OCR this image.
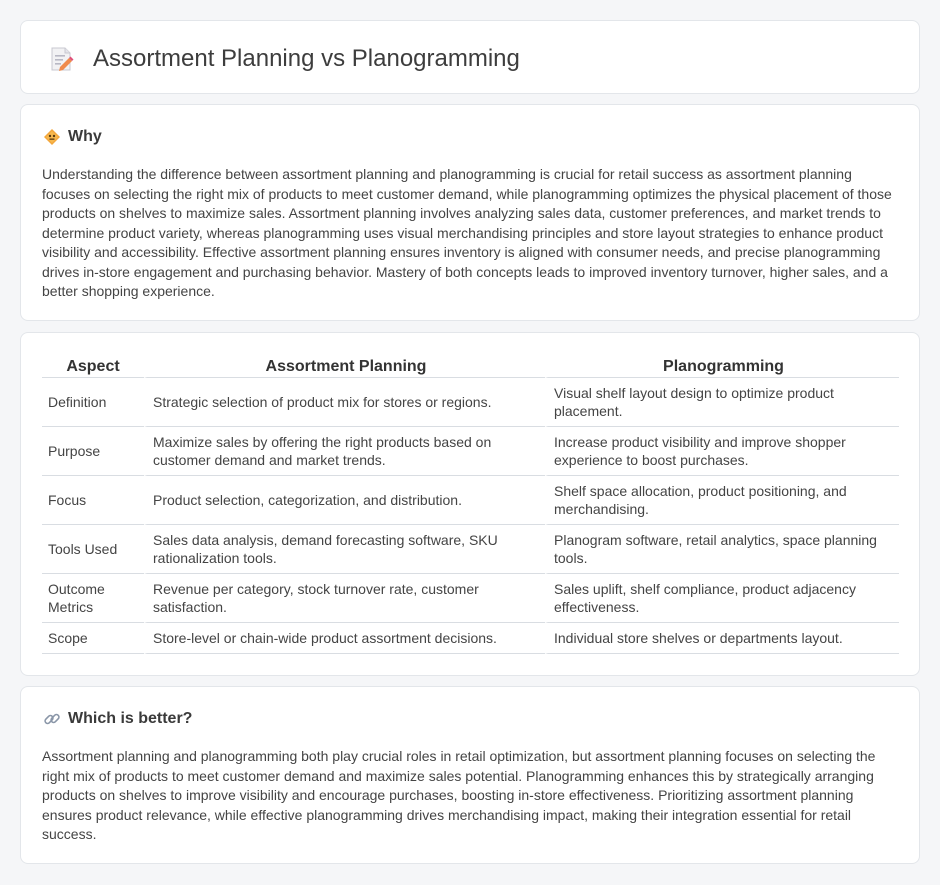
Assortment Planning vs Planogramming
Why

Understanding the difference between assortment planning and planogramming is crucial for retail success as assortment planning focuses on selecting the right mix of products to meet customer demand, while planogramming optimizes the physical placement of those products on shelves to maximize sales. Assortment planning involves analyzing sales data, customer preferences, and market trends to determine product variety, whereas planogramming uses visual merchandising principles and store layout strategies to enhance product visibility and accessibility. Effective assortment planning ensures inventory is aligned with consumer needs, and precise planogramming drives in-store engagement and purchasing behavior. Mastery of both concepts leads to improved inventory turnover, higher sales, and a better shopping experience.

Aspect	Assortment Planning	Planogramming
Definition	Strategic selection of product mix for stores or regions.	Visual shelf layout design to optimize product placement.
Purpose	Maximize sales by offering the right products based on customer demand and market trends.	Increase product visibility and improve shopper experience to boost purchases.
Focus	Product selection, categorization, and distribution.	Shelf space allocation, product positioning, and merchandising.
Tools Used	Sales data analysis, demand forecasting software, SKU rationalization tools.	Planogram software, retail analytics, space planning tools.
Outcome Metrics	Revenue per category, stock turnover rate, customer satisfaction.	Sales uplift, shelf compliance, product adjacency effectiveness.
Scope	Store-level or chain-wide product assortment decisions.	Individual store shelves or departments layout.
Which is better?

Assortment planning and planogramming both play crucial roles in retail optimization, but assortment planning focuses on selecting the right mix of products to meet customer demand and maximize sales potential. Planogramming enhances this by strategically arranging products on shelves to improve visibility and encourage purchases, boosting in-store effectiveness. Prioritizing assortment planning ensures product relevance, while effective planogramming drives merchandising impact, making their integration essential for retail success.
